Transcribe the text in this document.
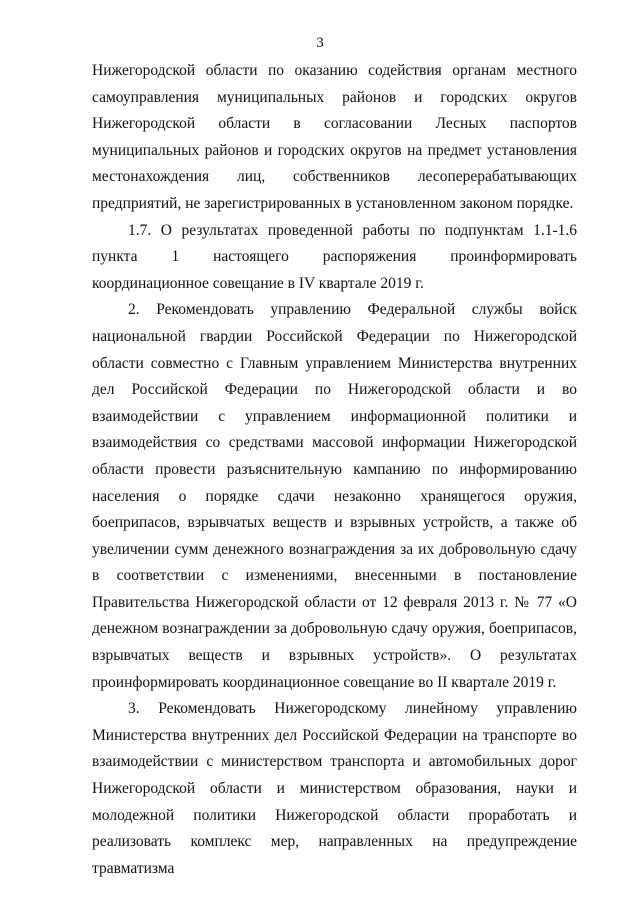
3

Нижегородской области по оказанию содействия органам местного самоуправления муниципальных районов и городских округов Нижегородской области в согласовании Лесных паспортов муниципальных районов и городских округов на предмет установления местонахождения лиц, собственников лесоперерабатывающих предприятий, не зарегистрированных в установленном законом порядке.

1.7. О результатах проведенной работы по подпунктам 1.1-1.6 пункта 1 настоящего распоряжения проинформировать координационное совещание в IV квартале 2019 г.

2. Рекомендовать управлению Федеральной службы войск национальной гвардии Российской Федерации по Нижегородской области совместно с Главным управлением Министерства внутренних дел Российской Федерации по Нижегородской области и во взаимодействии с управлением информационной политики и взаимодействия со средствами массовой информации Нижегородской области провести разъяснительную кампанию по информированию населения о порядке сдачи незаконно хранящегося оружия, боеприпасов, взрывчатых веществ и взрывных устройств, а также об увеличении сумм денежного вознаграждения за их добровольную сдачу в соответствии с изменениями, внесенными в постановление Правительства Нижегородской области от 12 февраля 2013 г. № 77 «О денежном вознаграждении за добровольную сдачу оружия, боеприпасов, взрывчатых веществ и взрывных устройств». О результатах проинформировать координационное совещание во II квартале 2019 г.

3. Рекомендовать Нижегородскому линейному управлению Министерства внутренних дел Российской Федерации на транспорте во взаимодействии с министерством транспорта и автомобильных дорог Нижегородской области и министерством образования, науки и молодежной политики Нижегородской области проработать и реализовать комплекс мер, направленных на предупреждение травматизма
